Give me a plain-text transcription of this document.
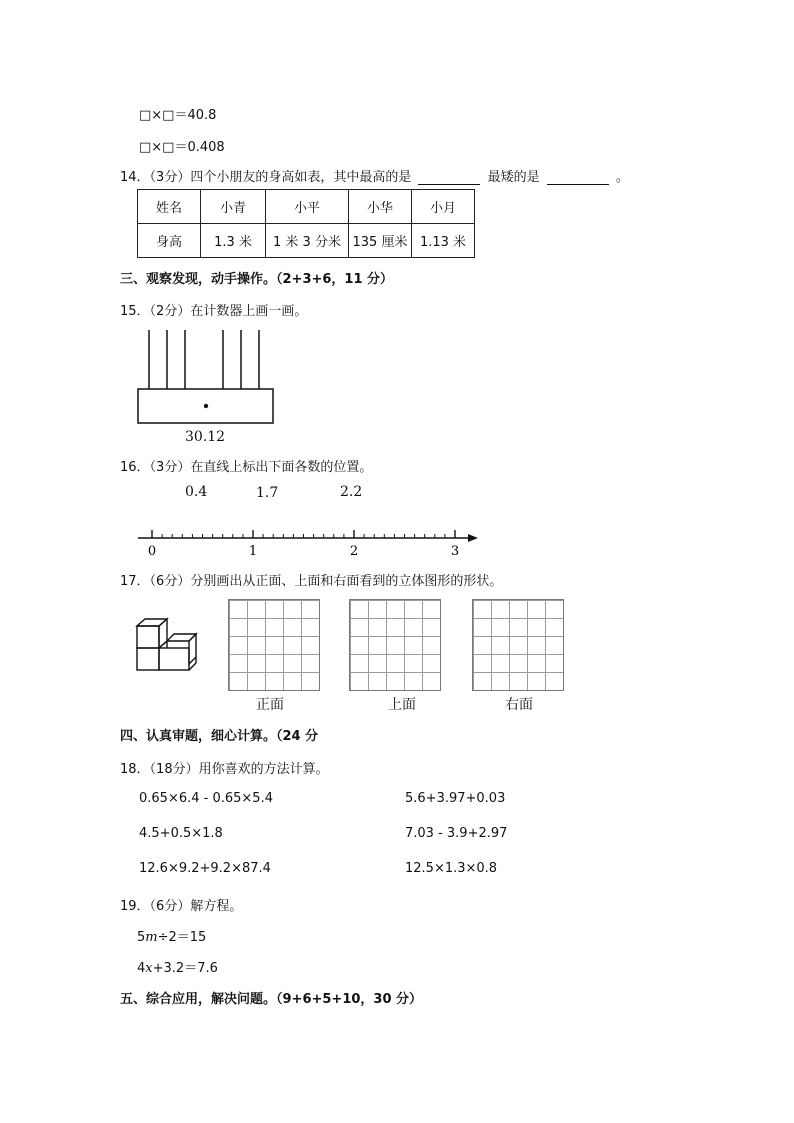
□×□＝40.8
□×□＝0.408
14．（3分）四个小朋友的身高如表，其中最高的是	最矮的是	。
姓名	小青	小平	小华	小月
身高	1.3 米	1 米 3 分米	135 厘米	1.13 米
三、观察发现，动手操作。（2+3+6，11 分）
15．（2分）在计数器上画一画。
30.12
16．（3分）在直线上标出下面各数的位置。
0.4	1.7	2.2
0	1	2	3
17．（6分）分别画出从正面、上面和右面看到的立体图形的形状。
正面	上面	右面
四、认真审题，细心计算。（24 分
18．（18分）用你喜欢的方法计算。
0.65×6.4 - 0.65×5.4	5.6+3.97+0.03
4.5+0.5×1.8	7.03 - 3.9+2.97
12.6×9.2+9.2×87.4	12.5×1.3×0.8
19．（6分）解方程。
5m÷2＝15
4x+3.2＝7.6
五、综合应用，解决问题。（9+6+5+10，30 分）
